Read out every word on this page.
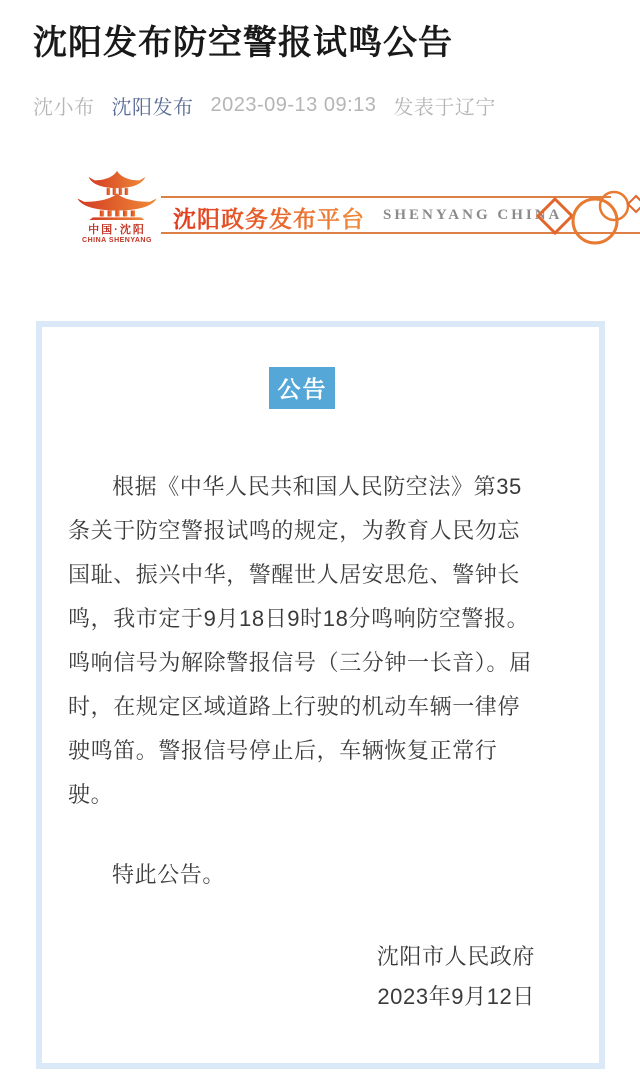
沈阳发布防空警报试鸣公告
沈小布 沈阳发布 2023-09-13 09:13 发表于辽宁
中国·沈阳
CHINA SHENYANG
沈阳政务发布平台 SHENYANG CHINA
公告

根据《中华人民共和国人民防空法》第35条关于防空警报试鸣的规定，为教育人民勿忘国耻、振兴中华，警醒世人居安思危、警钟长鸣，我市定于9月18日9时18分鸣响防空警报。鸣响信号为解除警报信号（三分钟一长音）。届时，在规定区域道路上行驶的机动车辆一律停驶鸣笛。警报信号停止后，车辆恢复正常行驶。

特此公告。

沈阳市人民政府
2023年9月12日
